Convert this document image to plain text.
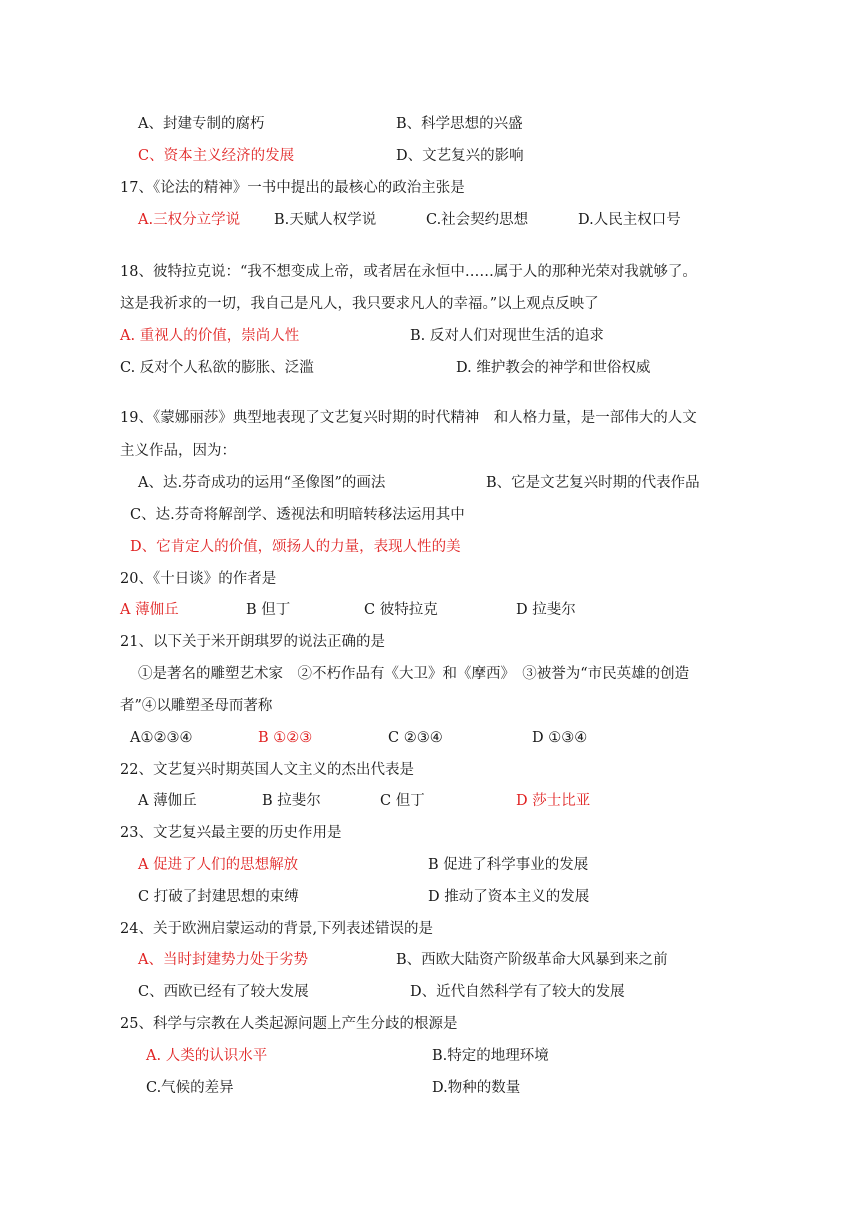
A、封建专制的腐朽	B、科学思想的兴盛
C、资本主义经济的发展	D、文艺复兴的影响
17、《论法的精神》一书中提出的最核心的政治主张是
A.三权分立学说 B.天赋人权学说	C.社会契约思想	D.人民主权口号
18、彼特拉克说：“我不想变成上帝，或者居在永恒中……属于人的那种光荣对我就够了。
这是我祈求的一切，我自己是凡人，我只要求凡人的幸福。”以上观点反映了
A. 重视人的价值，崇尚人性	B. 反对人们对现世生活的追求
C. 反对个人私欲的膨胀、泛滥	D. 维护教会的神学和世俗权威
19、《蒙娜丽莎》典型地表现了文艺复兴时期的时代精神　和人格力量，是一部伟大的人文
主义作品，因为：
A、达.芬奇成功的运用“圣像图”的画法	B、它是文艺复兴时期的代表作品
C、达.芬奇将解剖学、透视法和明暗转移法运用其中
D、它肯定人的价值，颂扬人的力量，表现人性的美
20、《十日谈》的作者是
A 薄伽丘	B 但丁	C 彼特拉克	D 拉斐尔
21、以下关于米开朗琪罗的说法正确的是
①是著名的雕塑艺术家　②不朽作品有《大卫》和《摩西》　③被誉为“市民英雄的创造
者”④以雕塑圣母而著称
A①②③④	B ①②③	C ②③④	D ①③④
22、文艺复兴时期英国人文主义的杰出代表是
A 薄伽丘	B 拉斐尔	C 但丁	D 莎士比亚
23、文艺复兴最主要的历史作用是
A 促进了人们的思想解放	B 促进了科学事业的发展
C 打破了封建思想的束缚	D 推动了资本主义的发展
24、关于欧洲启蒙运动的背景,下列表述错误的是
A、当时封建势力处于劣势	B、西欧大陆资产阶级革命大风暴到来之前
C、西欧已经有了较大发展	D、近代自然科学有了较大的发展
25、科学与宗教在人类起源问题上产生分歧的根源是
A. 人类的认识水平	B.特定的地理环境
C.气候的差异	D.物种的数量
